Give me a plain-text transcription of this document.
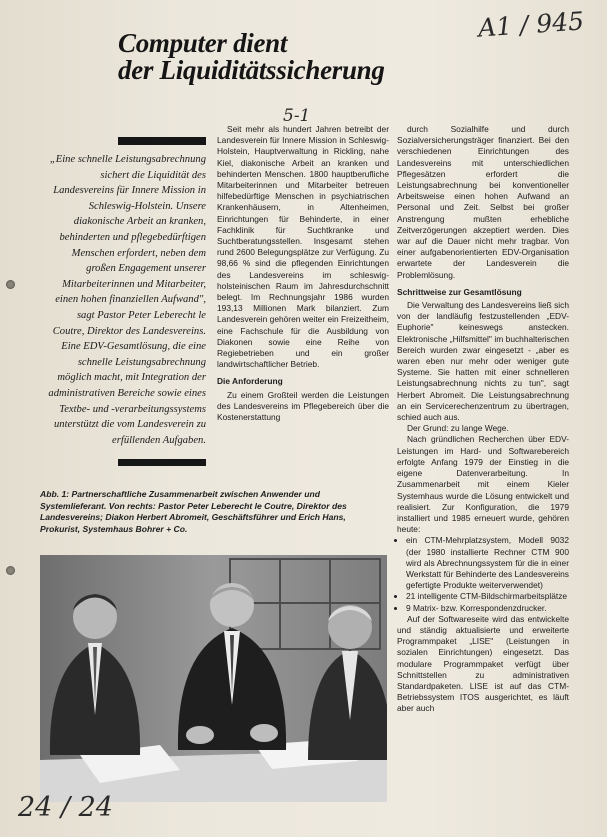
A1 / 945
Computer dient
der Liquiditätssicherung
5-1
„Eine schnelle Leistungsabrechnung sichert die Liquidität des Landesvereins für Innere Mission in Schleswig-Holstein. Unsere diakonische Arbeit an kranken, behinderten und pflegebedürftigen Menschen erfordert, neben dem großen Engagement unserer Mitarbeiterinnen und Mitarbeiter, einen hohen finanziellen Aufwand", sagt Pastor Peter Leberecht le Coutre, Direktor des Landesvereins. Eine EDV-Gesamtlösung, die eine schnelle Leistungsabrechnung möglich macht, mit Integration der administrativen Bereiche sowie eines Textbe- und -verarbeitungssystems unterstützt die vom Landesverein zu erfüllenden Aufgaben.

Seit mehr als hundert Jahren betreibt der Landesverein für Innere Mission in Schleswig-Holstein, Hauptverwaltung in Rickling, nahe Kiel, diakonische Arbeit an kranken und behinderten Menschen. 1800 hauptberufliche Mitarbeiterinnen und Mitarbeiter betreuen hilfebedürftige Menschen in psychiatrischen Krankenhäusern, in Altenheimen, Einrichtungen für Behinderte, in einer Fachklinik für Suchtkranke und Suchtberatungsstellen. Insgesamt stehen rund 2600 Belegungsplätze zur Verfügung. Zu 98,66 % sind die pflegenden Einrichtungen des Landesvereins im schleswig-holsteinischen Raum im Jahresdurchschnitt belegt. Im Rechnungsjahr 1986 wurden 193,13 Millionen Mark bilanziert. Zum Landesverein gehören weiter ein Freizeitheim, eine Fachschule für die Ausbildung von Diakonen sowie eine Reihe von Regiebetrieben und ein großer landwirtschaftlicher Betrieb.

Die Anforderung

Zu einem Großteil werden die Leistungen des Landesvereins im Pflegebereich über die Kostenerstattung

durch Sozialhilfe und durch Sozialversicherungsträger finanziert. Bei den verschiedenen Einrichtungen des Landesvereins mit unterschiedlichen Pflegesätzen erfordert die Leistungsabrechnung bei konventioneller Arbeitsweise einen hohen Aufwand an Personal und Zeit. Selbst bei großer Anstrengung mußten erhebliche Zeitverzögerungen akzeptiert werden. Dies war auf die Dauer nicht mehr tragbar. Von einer aufgabenorientierten EDV-Organisation erwartete der Landesverein die Problemlösung.

Schrittweise zur Gesamtlösung

Die Verwaltung des Landesvereins ließ sich von der landläufig festzustellenden „EDV-Euphorie" keineswegs anstecken. Elektronische „Hilfsmittel" im buchhalterischen Bereich wurden zwar eingesetzt - „aber es waren eben nur mehr oder weniger gute Systeme. Sie hatten mit einer schnelleren Leistungsabrechnung nichts zu tun", sagt Herbert Abromeit. Die Leistungsabrechnung an ein Servicerechenzentrum zu übertragen, schied auch aus.

Der Grund: zu lange Wege.

Nach gründlichen Recherchen über EDV-Leistungen im Hard- und Softwarebereich erfolgte Anfang 1979 der Einstieg in die eigene Datenverarbeitung. In Zusammenarbeit mit einem Kieler Systemhaus wurde die Lösung entwickelt und realisiert. Zur Konfiguration, die 1979 installiert und 1985 erneuert wurde, gehören heute:

• ein CTM-Mehrplatzsystem, Modell 9032 (der 1980 installierte Rechner CTM 900 wird als Abrechnungssystem für die in einer Werkstatt für Behinderte des Landesvereins gefertigte Produkte weiterverwendet)
• 21 intelligente CTM-Bildschirmarbeitsplätze
• 9 Matrix- bzw. Korrespondenzdrucker.

Auf der Softwareseite wird das entwickelte und ständig aktualisierte und erweiterte Programmpaket „LISE" (Leistungen in sozialen Einrichtungen) eingesetzt. Das modulare Programmpaket verfügt über Schnittstellen zu administrativen Standardpaketen. LISE ist auf das CTM-Betriebssystem ITOS ausgerichtet, es läuft aber auch

Abb. 1: Partnerschaftliche Zusammenarbeit zwischen Anwender und Systemlieferant. Von rechts: Pastor Peter Leberecht le Coutre, Direktor des Landesvereins; Diakon Herbert Abromeit, Geschäftsführer und Erich Hans, Prokurist, Systemhaus Bohrer + Co.
24 / 24
